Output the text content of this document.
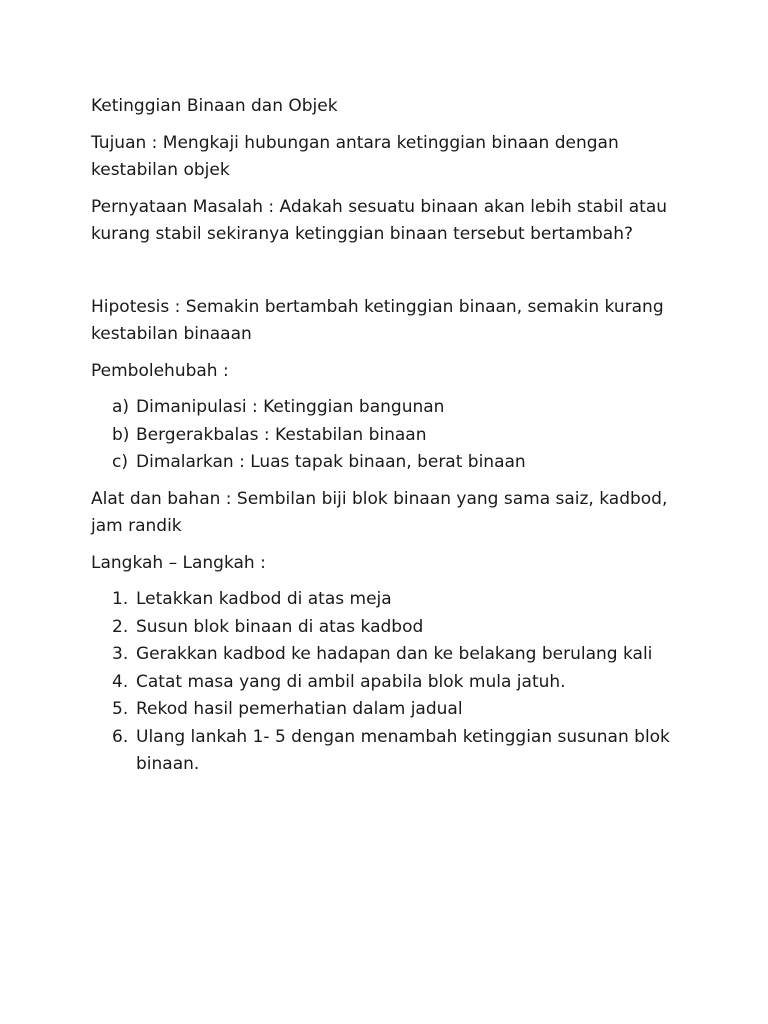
Ketinggian Binaan dan Objek

Tujuan : Mengkaji hubungan antara ketinggian binaan dengan kestabilan objek

Pernyataan Masalah : Adakah sesuatu binaan akan lebih stabil atau kurang stabil sekiranya ketinggian binaan tersebut bertambah?

Hipotesis : Semakin bertambah ketinggian binaan, semakin kurang kestabilan binaaan

Pembolehubah :

a) Dimanipulasi : Ketinggian bangunan
b) Bergerakbalas : Kestabilan binaan
c) Dimalarkan : Luas tapak binaan, berat binaan

Alat dan bahan : Sembilan biji blok binaan yang sama saiz, kadbod, jam randik

Langkah – Langkah :

1. Letakkan kadbod di atas meja
2. Susun blok binaan di atas kadbod
3. Gerakkan kadbod ke hadapan dan ke belakang berulang kali
4. Catat masa yang di ambil apabila blok mula jatuh.
5. Rekod hasil pemerhatian dalam jadual
6. Ulang lankah 1- 5 dengan menambah ketinggian susunan blok binaan.
